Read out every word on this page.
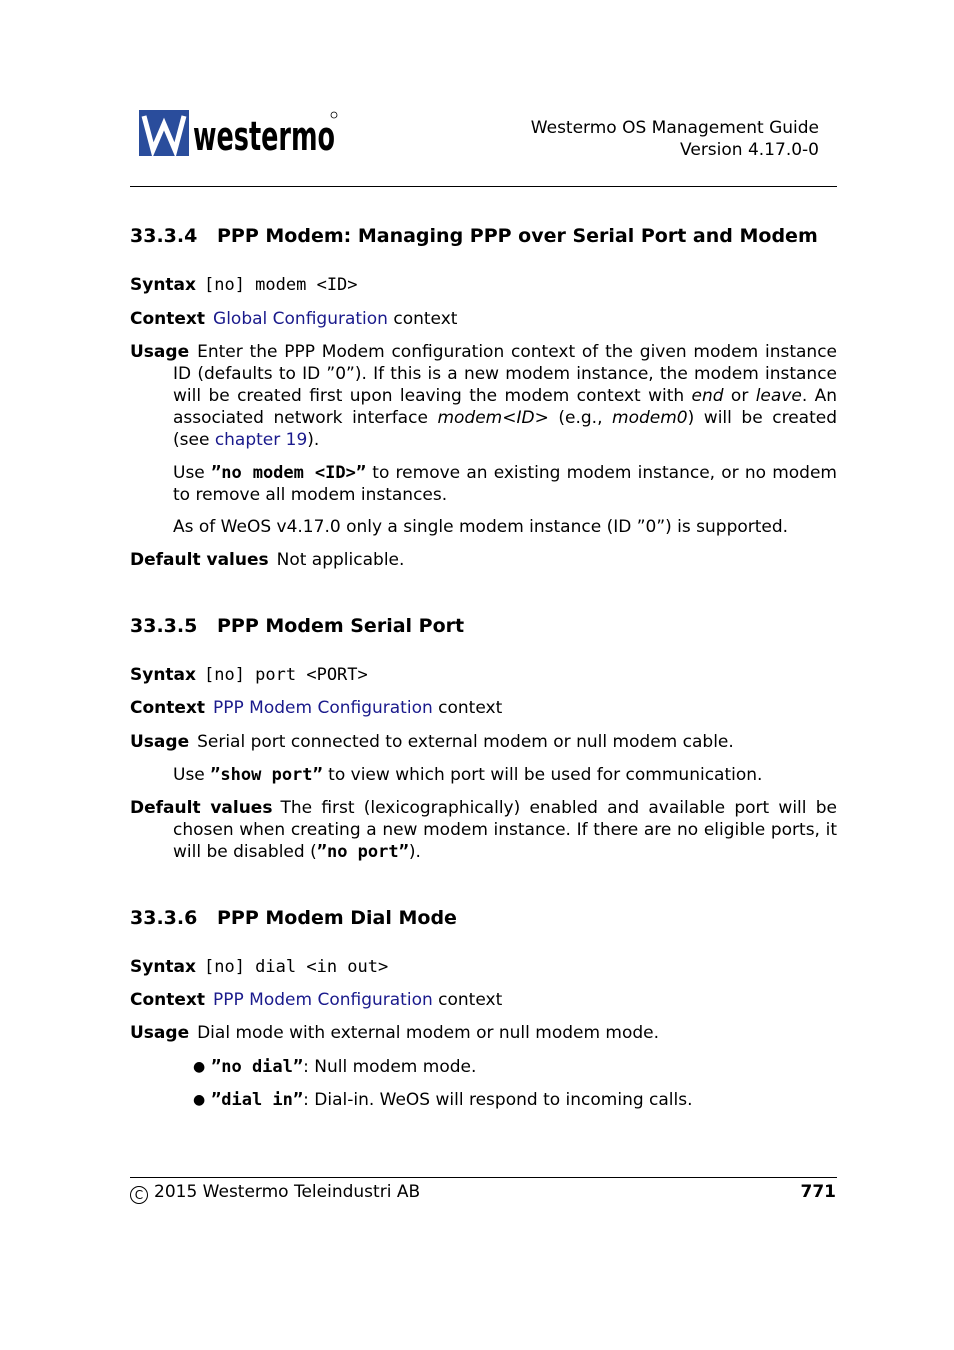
westermo	Westermo OS Management Guide
Version 4.17.0-0
33.3.4 PPP Modem: Managing PPP over Serial Port and Modem
Syntax [no] modem <ID>
Context Global Configuration context
Usage Enter the PPP Modem configuration context of the given modem instance ID (defaults to ID ”0”). If this is a new modem instance, the modem instance will be created first upon leaving the modem context with end or leave. An associated network interface modem<ID> (e.g., modem0) will be created (see chapter 19).
Use ”no modem <ID>” to remove an existing modem instance, or no modem to remove all modem instances.
As of WeOS v4.17.0 only a single modem instance (ID ”0”) is supported.
Default values Not applicable.
33.3.5 PPP Modem Serial Port
Syntax [no] port <PORT>
Context PPP Modem Configuration context
Usage Serial port connected to external modem or null modem cable.
Use ”show port” to view which port will be used for communication.
Default values The first (lexicographically) enabled and available port will be chosen when creating a new modem instance. If there are no eligible ports, it will be disabled (”no port”).
33.3.6 PPP Modem Dial Mode
Syntax [no] dial <in out>
Context PPP Modem Configuration context
Usage Dial mode with external modem or null modem mode.
● ”no dial”: Null modem mode.
● ”dial in”: Dial-in. WeOS will respond to incoming calls.
C 2015 Westermo Teleindustri AB	771
